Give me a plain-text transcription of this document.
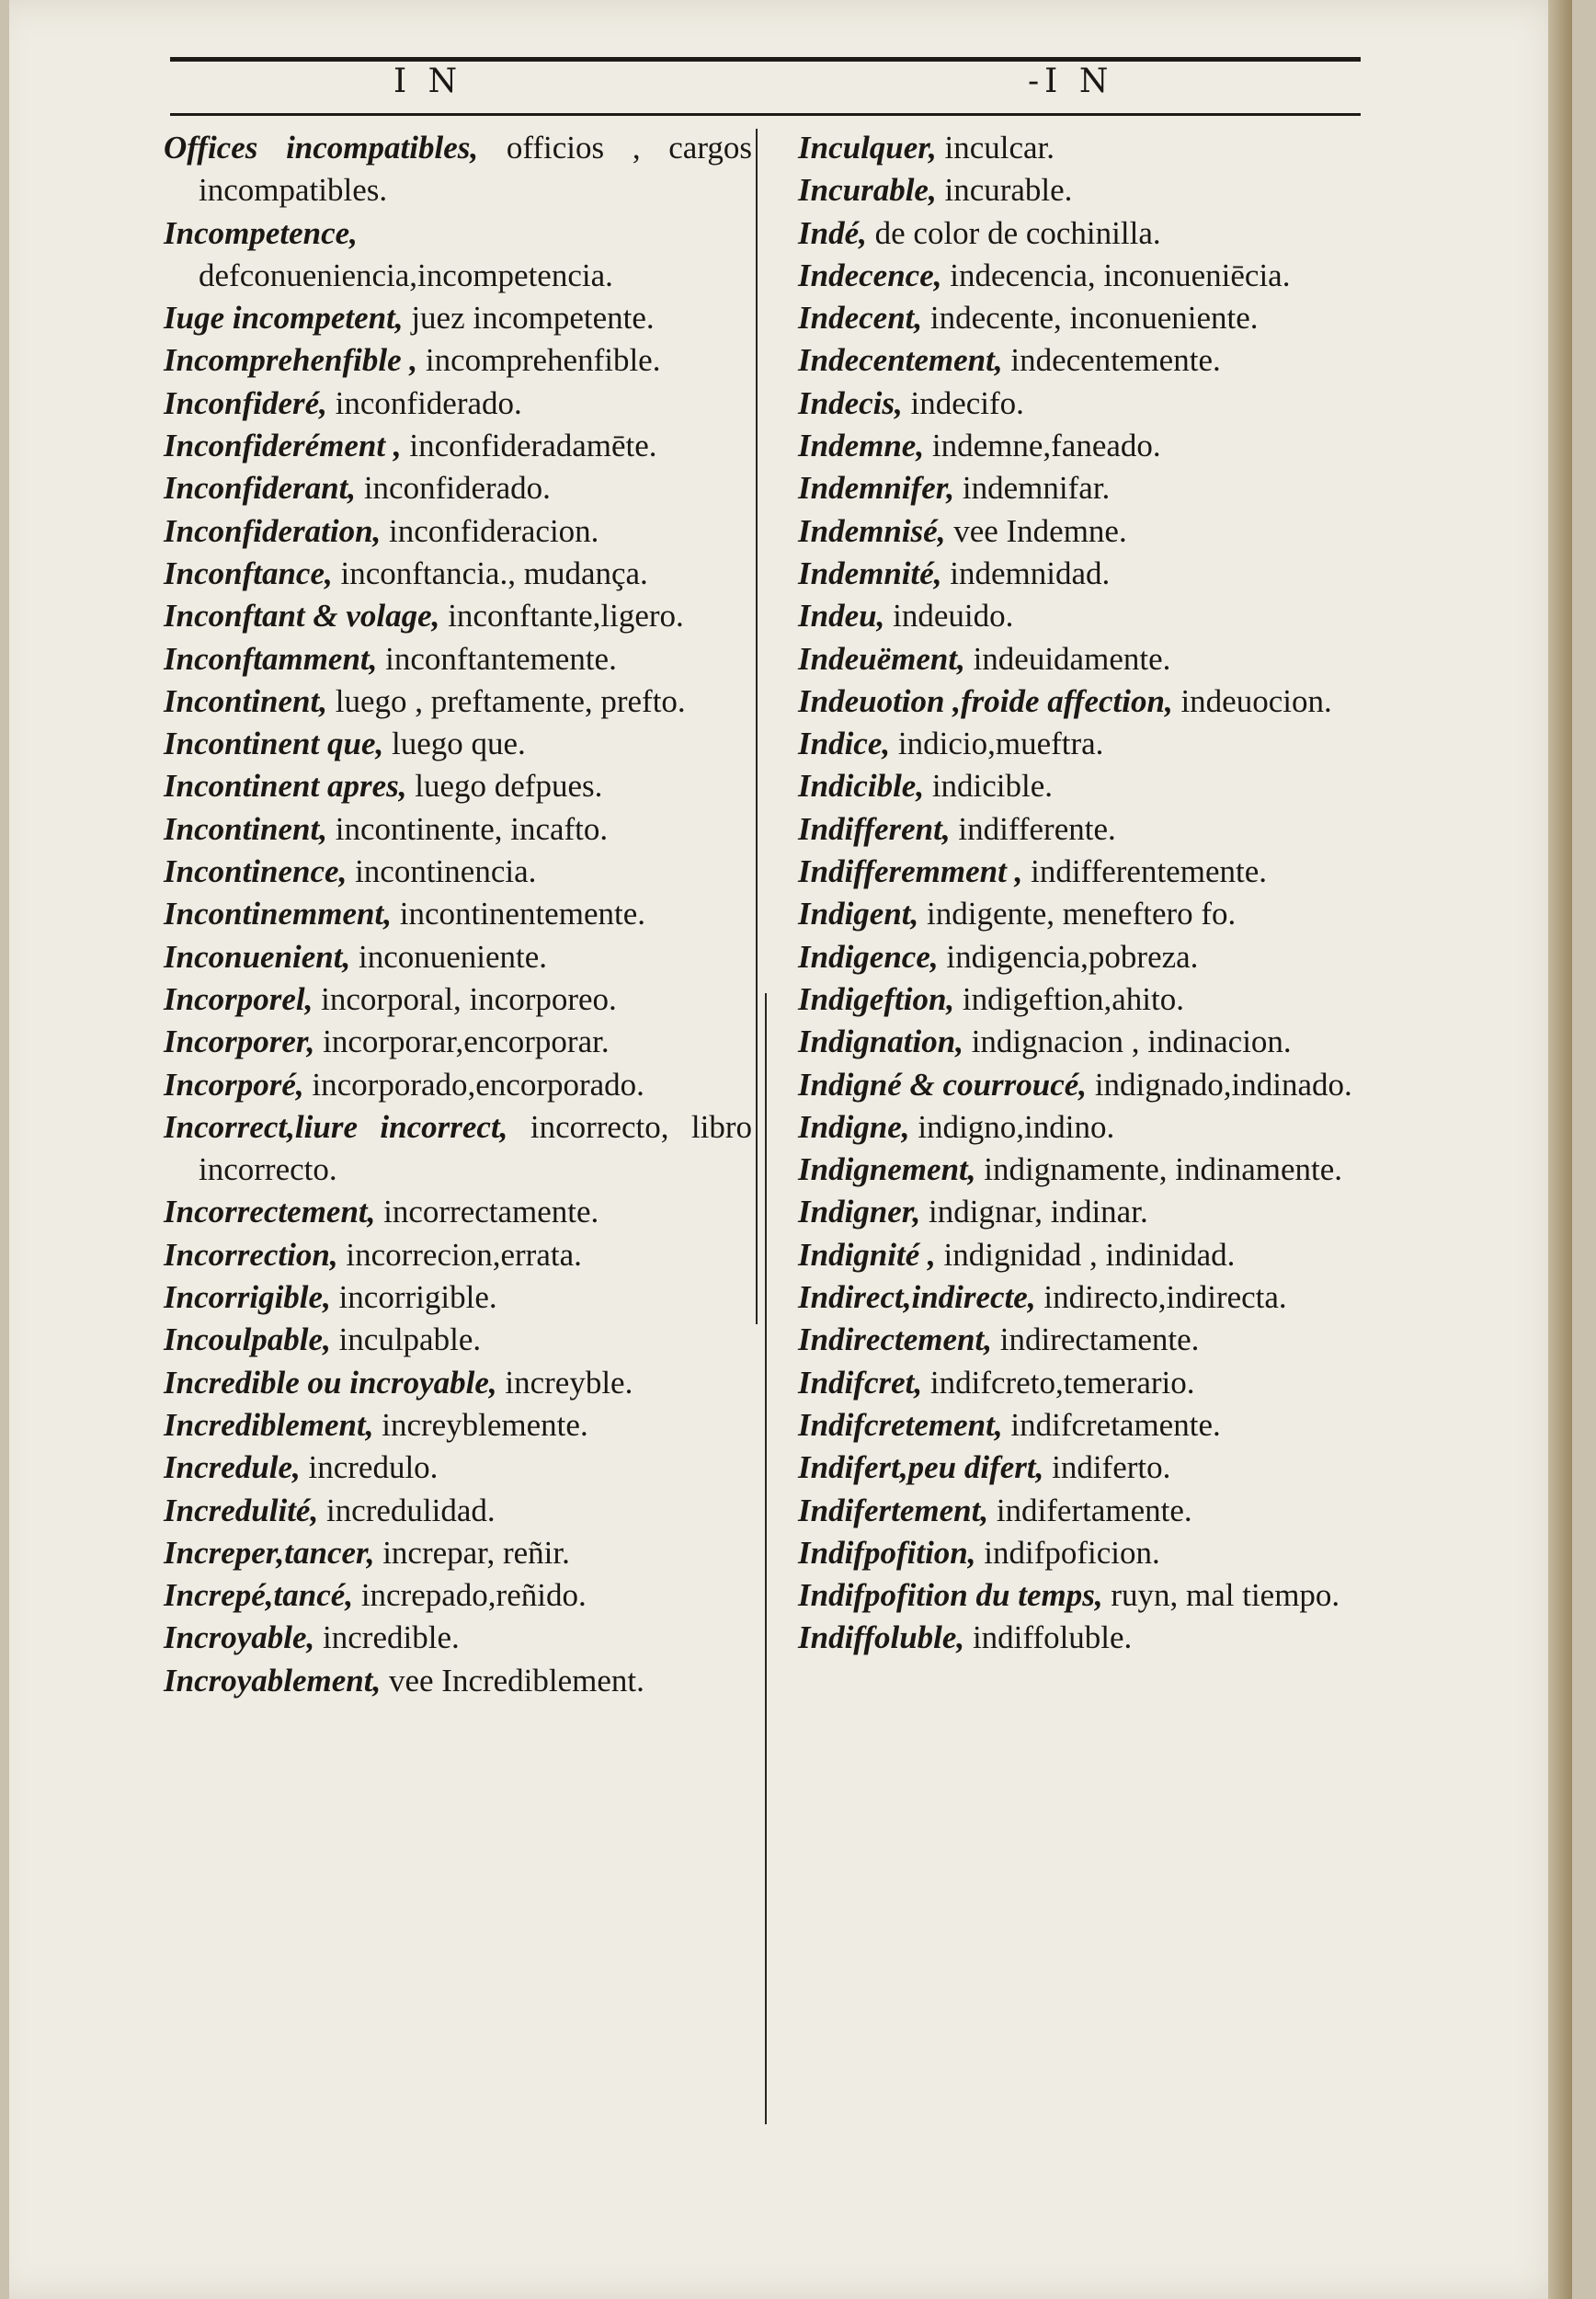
I N	-I N
Offices incompatibles, officios , cargos incompatibles.
Incompetence, defconueniencia,incompetencia.
Iuge incompetent, juez incompetente.
Incomprehenfible , incomprehenfible.
Inconfideré, inconfiderado.
Inconfiderément , inconfideradamēte.
Inconfiderant, inconfiderado.
Inconfideration, inconfideracion.
Inconftance, inconftancia., mudança.
Inconftant & volage, inconftante,ligero.
Inconftamment, inconftantemente.
Incontinent, luego , preftamente, prefto.
Incontinent que, luego que.
Incontinent apres, luego defpues.
Incontinent, incontinente, incafto.
Incontinence, incontinencia.
Incontinemment, incontinentemente.
Inconuenient, inconueniente.
Incorporel, incorporal, incorporeo.
Incorporer, incorporar,encorporar.
Incorporé, incorporado,encorporado.
Incorrect,liure incorrect, incorrecto, libro incorrecto.
Incorrectement, incorrectamente.
Incorrection, incorrecion,errata.
Incorrigible, incorrigible.
Incoulpable, inculpable.
Incredible ou incroyable, increyble.
Incrediblement, increyblemente.
Incredule, incredulo.
Incredulité, incredulidad.
Increper,tancer, increpar, reñir.
Increpé,tancé, increpado,reñido.
Incroyable, incredible.
Incroyablement, vee Incrediblement.
Inculquer, inculcar.
Incurable, incurable.
Indé, de color de cochinilla.
Indecence, indecencia, inconueniēcia.
Indecent, indecente, inconueniente.
Indecentement, indecentemente.
Indecis, indecifo.
Indemne, indemne,faneado.
Indemnifer, indemnifar.
Indemnisé, vee Indemne.
Indemnité, indemnidad.
Indeu, indeuido.
Indeuëment, indeuidamente.
Indeuotion ,froide affection, indeuocion.
Indice, indicio,mueftra.
Indicible, indicible.
Indifferent, indifferente.
Indifferemment , indifferentemente.
Indigent, indigente, meneftero fo.
Indigence, indigencia,pobreza.
Indigeftion, indigeftion,ahito.
Indignation, indignacion , indinacion.
Indigné & courroucé, indignado,indinado.
Indigne, indigno,indino.
Indignement, indignamente, indinamente.
Indigner, indignar, indinar.
Indignité , indignidad , indinidad.
Indirect,indirecte, indirecto,indirecta.
Indirectement, indirectamente.
Indifcret, indifcreto,temerario.
Indifcretement, indifcretamente.
Indifert,peu difert, indiferto.
Indifertement, indifertamente.
Indifpofition, indifpoficion.
Indifpofition du temps, ruyn, mal tiempo.
Indiffoluble, indiffoluble.
